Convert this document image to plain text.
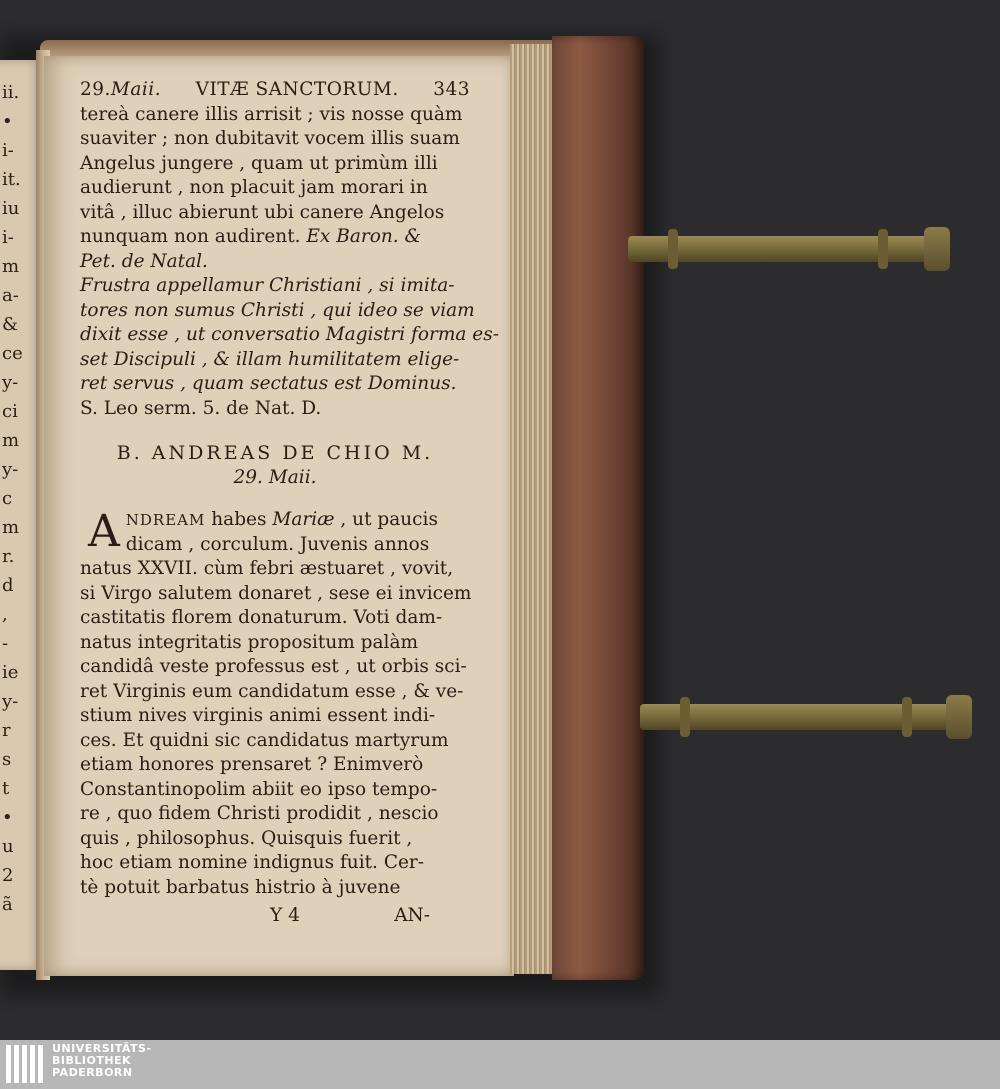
ii.
•
i-
it.
iu
i-
m
a-
&
ce
y-
ci
m
y-
c
m
r.
d
,
-
ie
y-
r
s
t
•
u
2
ã
29.Maii. VITÆ SANCTORUM. 343
tereà canere illis arrisit ; vis nosse quàm
suaviter ; non dubitavit vocem illis suam
Angelus jungere , quam ut primùm illi
audierunt , non placuit jam morari in
vitâ , illuc abierunt ubi canere Angelos
nunquam non audirent. Ex Baron. &
Pet. de Natal.
Frustra appellamur Christiani , si imita-
tores non sumus Christi , qui ideo se viam
dixit esse , ut conversatio Magistri forma es-
set Discipuli , & illam humilitatem elige-
ret servus , quam sectatus est Dominus.
S. Leo serm. 5. de Nat. D.
B. ANDREAS DE CHIO M.
29. Maii.
A NDREAM habes Mariæ , ut paucis
dicam , corculum. Juvenis annos
natus XXVII. cùm febri æstuaret , vovit,
si Virgo salutem donaret , sese ei invicem
castitatis florem donaturum. Voti dam-
natus integritatis propositum palàm
candidâ veste professus est , ut orbis sci-
ret Virginis eum candidatum esse , & ve-
stium nives virginis animi essent indi-
ces. Et quidni sic candidatus martyrum
etiam honores prensaret ? Enimverò
Constantinopolim abiit eo ipso tempo-
re , quo fidem Christi prodidit , nescio
quis , philosophus. Quisquis fuerit ,
hoc etiam nomine indignus fuit. Cer-
tè potuit barbatus histrio à juvene
Y 4	AN-
UNIVERSITÄTS-
BIBLIOTHEK
PADERBORN
